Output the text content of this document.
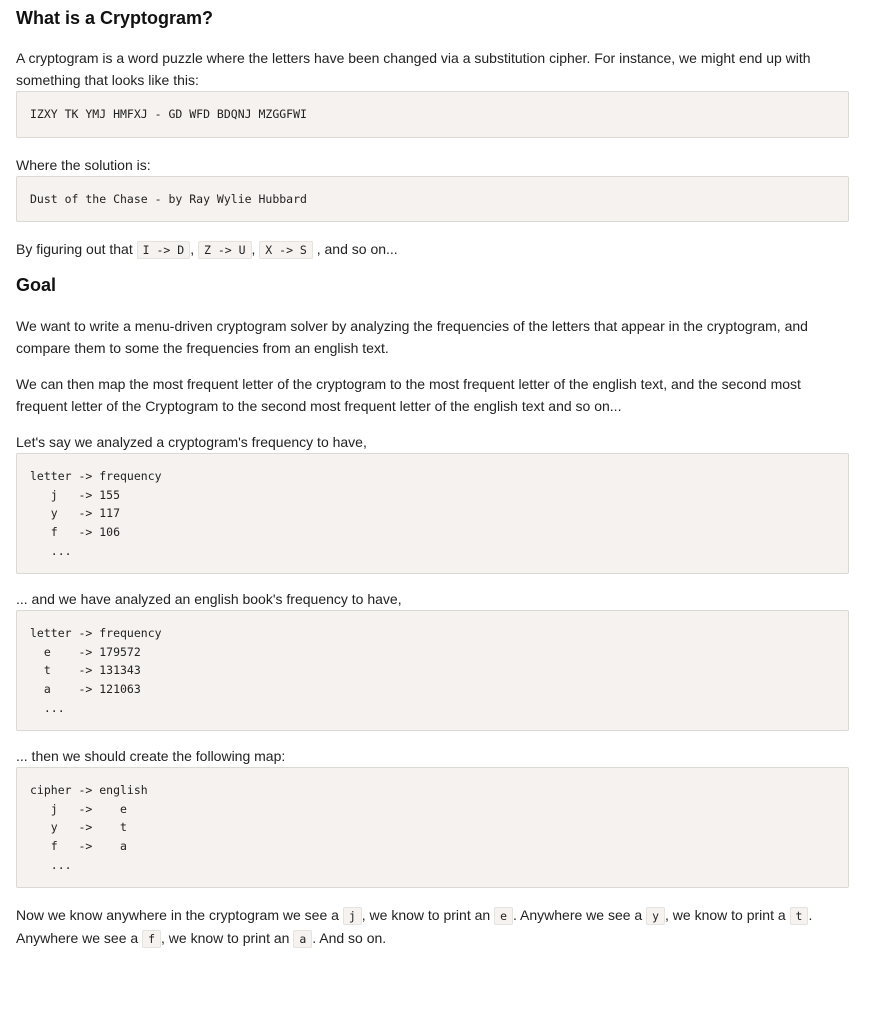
What is a Cryptogram?

A cryptogram is a word puzzle where the letters have been changed via a substitution cipher. For instance, we might end up with something that looks like this:

IZXY TK YMJ HMFXJ - GD WFD BDQNJ MZGGFWI

Where the solution is:

Dust of the Chase - by Ray Wylie Hubbard

By figuring out that I -> D , Z -> U , X -> S , and so on...

Goal

We want to write a menu-driven cryptogram solver by analyzing the frequencies of the letters that appear in the cryptogram, and compare them to some the frequencies from an english text.

We can then map the most frequent letter of the cryptogram to the most frequent letter of the english text, and the second most frequent letter of the Cryptogram to the second most frequent letter of the english text and so on...

Let's say we analyzed a cryptogram's frequency to have,

letter -> frequency
j   -> 155
y   -> 117
f   -> 106
...

... and we have analyzed an english book's frequency to have,

letter -> frequency
e    -> 179572
t    -> 131343
a    -> 121063
...

... then we should create the following map:

cipher -> english
j   ->    e
y   ->    t
f   ->    a
...

Now we know anywhere in the cryptogram we see a j , we know to print an e . Anywhere we see a y , we know to print a t . Anywhere we see a f , we know to print an a . And so on.
